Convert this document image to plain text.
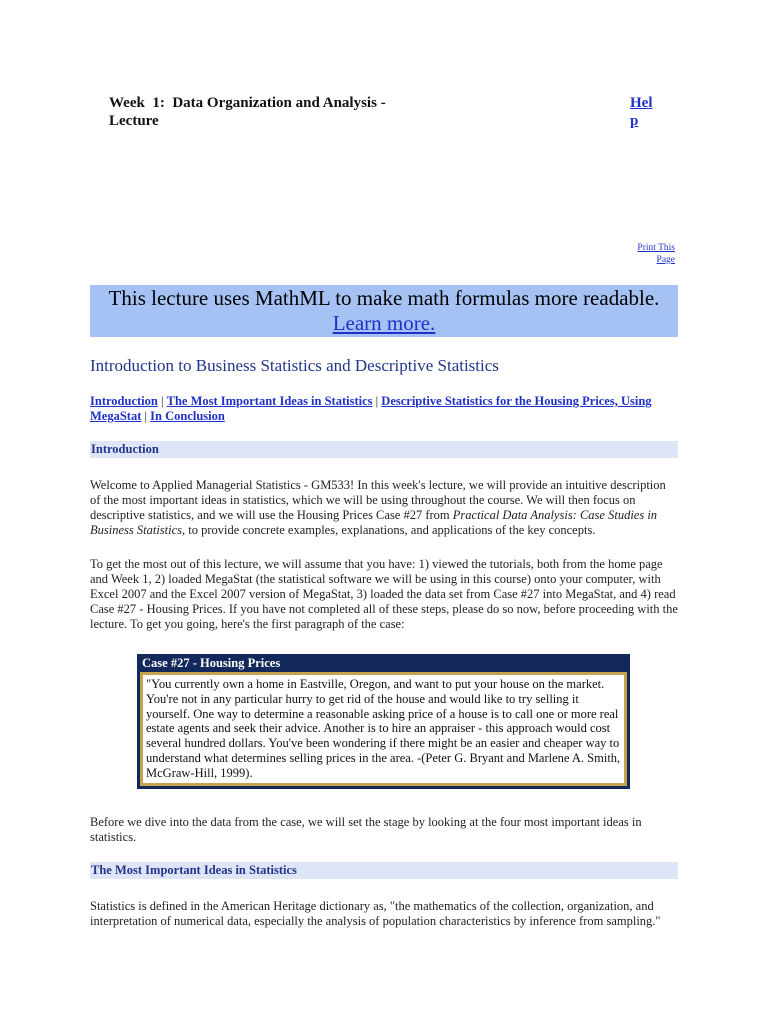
Week  1:  Data Organization and Analysis - Lecture
Help
Print This Page
This lecture uses MathML to make math formulas more readable.
Learn more.
Introduction to Business Statistics and Descriptive Statistics
Introduction | The Most Important Ideas in Statistics | Descriptive Statistics for the Housing Prices, Using MegaStat | In Conclusion
Introduction

Welcome to Applied Managerial Statistics - GM533! In this week's lecture, we will provide an intuitive description of the most important ideas in statistics, which we will be using throughout the course. We will then focus on descriptive statistics, and we will use the Housing Prices Case #27 from Practical Data Analysis: Case Studies in Business Statistics, to provide concrete examples, explanations, and applications of the key concepts.

To get the most out of this lecture, we will assume that you have: 1) viewed the tutorials, both from the home page and Week 1, 2) loaded MegaStat (the statistical software we will be using in this course) onto your computer, with Excel 2007 and the Excel 2007 version of MegaStat, 3) loaded the data set from Case #27 into MegaStat, and 4) read Case #27 - Housing Prices. If you have not completed all of these steps, please do so now, before proceeding with the lecture. To get you going, here's the first paragraph of the case:

Case #27 - Housing Prices
"You currently own a home in Eastville, Oregon, and want to put your house on the market. You're not in any particular hurry to get rid of the house and would like to try selling it yourself. One way to determine a reasonable asking price of a house is to call one or more real estate agents and seek their advice. Another is to hire an appraiser - this approach would cost several hundred dollars. You've been wondering if there might be an easier and cheaper way to understand what determines selling prices in the area. -(Peter G. Bryant and Marlene A. Smith, McGraw-Hill, 1999).

Before we dive into the data from the case, we will set the stage by looking at the four most important ideas in statistics.

The Most Important Ideas in Statistics

Statistics is defined in the American Heritage dictionary as, "the mathematics of the collection, organization, and interpretation of numerical data, especially the analysis of population characteristics by inference from sampling."
